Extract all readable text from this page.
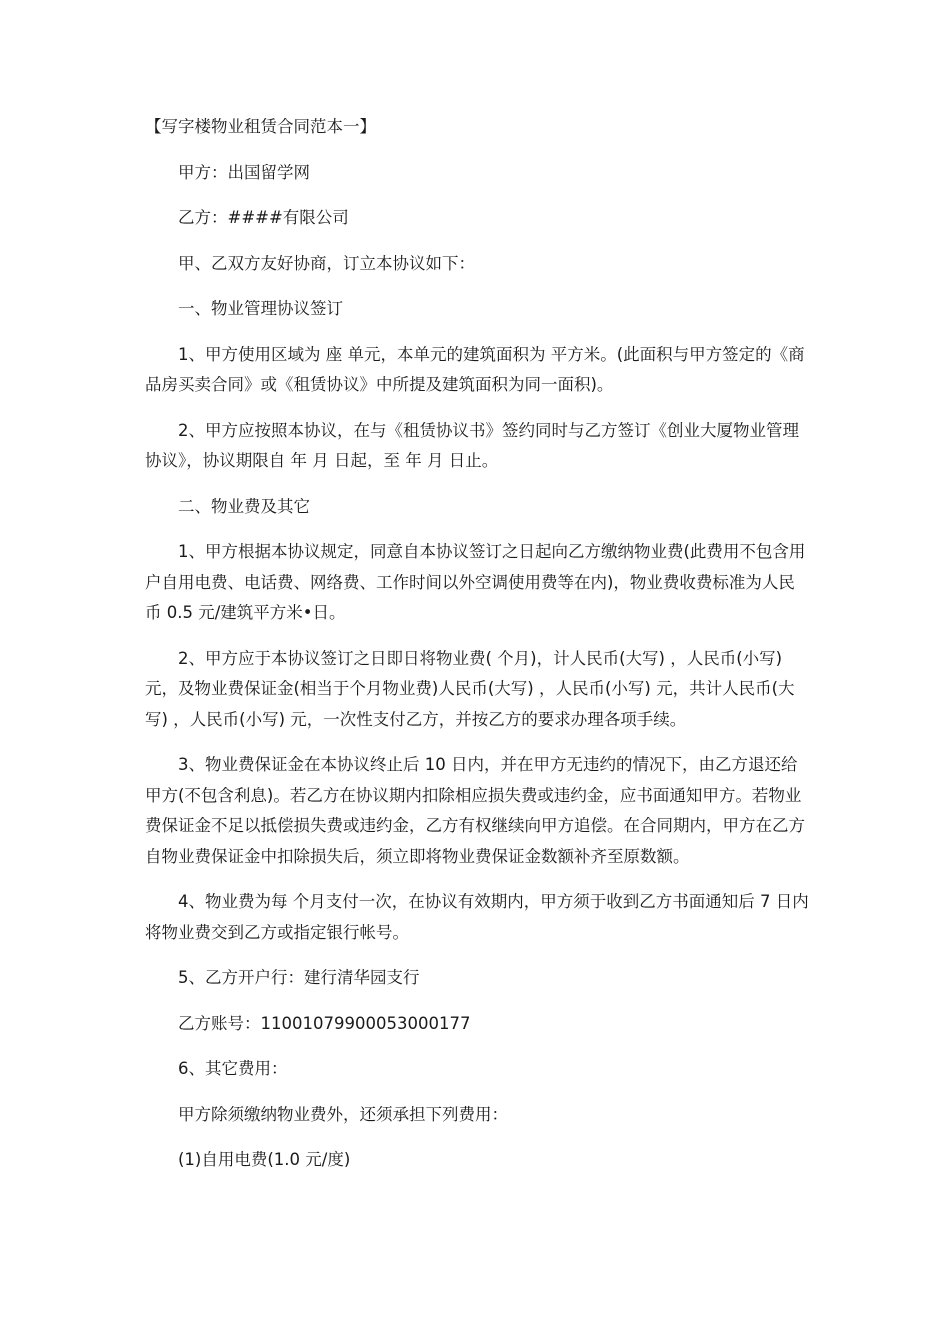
【写字楼物业租赁合同范本一】
甲方：出国留学网
乙方：####有限公司
甲、乙双方友好协商，订立本协议如下：
一、物业管理协议签订
1、甲方使用区域为 座 单元，本单元的建筑面积为 平方米。(此面积与甲方签定的《商品房买卖合同》或《租赁协议》中所提及建筑面积为同一面积)。
2、甲方应按照本协议，在与《租赁协议书》签约同时与乙方签订《创业大厦物业管理协议》，协议期限自 年 月 日起，至 年 月 日止。
二、物业费及其它
1、甲方根据本协议规定，同意自本协议签订之日起向乙方缴纳物业费(此费用不包含用户自用电费、电话费、网络费、工作时间以外空调使用费等在内)，物业费收费标准为人民币 0.5 元/建筑平方米•日。
2、甲方应于本协议签订之日即日将物业费( 个月)，计人民币(大写) ，人民币(小写) 元，及物业费保证金(相当于个月物业费)人民币(大写) ，人民币(小写) 元，共计人民币(大写) ，人民币(小写) 元，一次性支付乙方，并按乙方的要求办理各项手续。
3、物业费保证金在本协议终止后 10 日内，并在甲方无违约的情况下，由乙方退还给甲方(不包含利息)。若乙方在协议期内扣除相应损失费或违约金，应书面通知甲方。若物业费保证金不足以抵偿损失费或违约金，乙方有权继续向甲方追偿。在合同期内，甲方在乙方自物业费保证金中扣除损失后，须立即将物业费保证金数额补齐至原数额。
4、物业费为每 个月支付一次，在协议有效期内，甲方须于收到乙方书面通知后 7 日内将物业费交到乙方或指定银行帐号。
5、乙方开户行：建行清华园支行
乙方账号：11001079900053000177
6、其它费用：
甲方除须缴纳物业费外，还须承担下列费用：
(1)自用电费(1.0 元/度)
